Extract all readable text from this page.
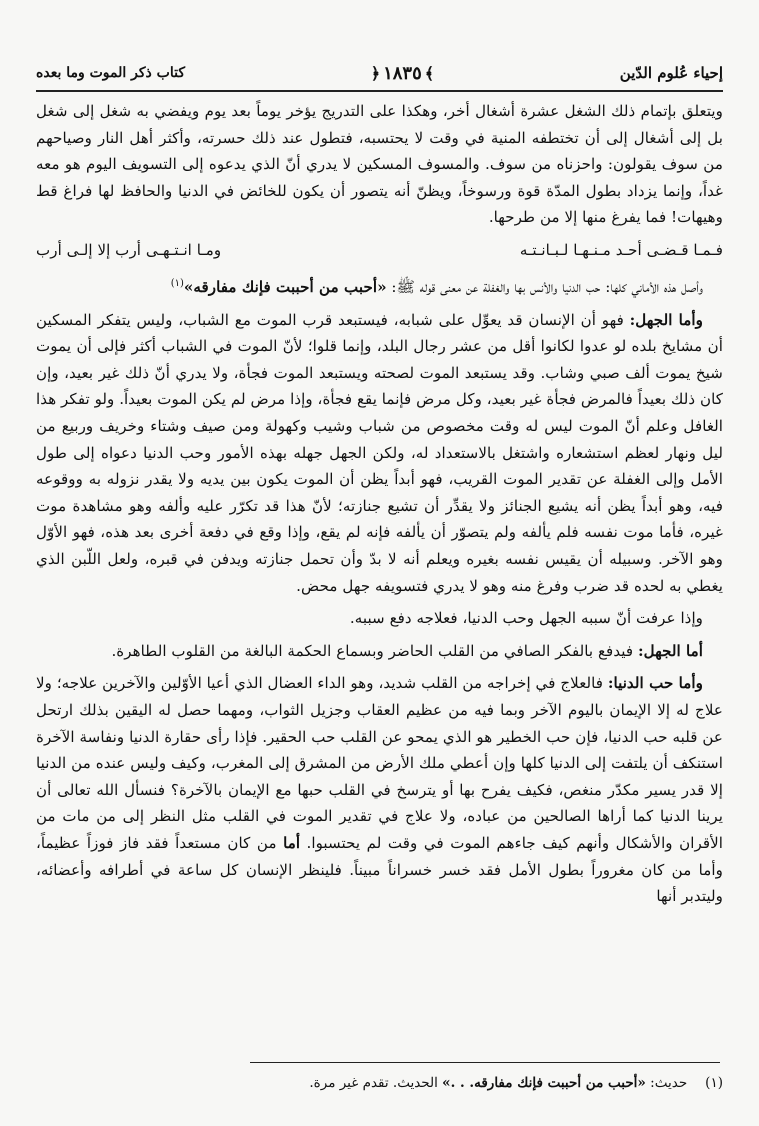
إحياء عُلوم الدّين
﴾١٨٣٥﴿
كتاب ذكر الموت وما بعده

ويتعلق بإتمام ذلك الشغل عشرة أشغال أخر، وهكذا على التدريج يؤخر يوماً بعد يوم ويفضي به شغل إلى شغل بل إلى أشغال إلى أن تختطفه المنية في وقت لا يحتسبه، فتطول عند ذلك حسرته، وأكثر أهل النار وصياحهم من سوف يقولون: واحزناه من سوف. والمسوف المسكين لا يدري أنّ الذي يدعوه إلى التسويف اليوم هو معه غداً، وإنما يزداد بطول المدّة قوة ورسوخاً، ويظنّ أنه يتصور أن يكون للخائض في الدنيا والحافظ لها فراغ قط وهيهات! فما يفرغ منها إلا من طرحها.

فـمـا قـضـى أحـد مـنـهـا لـبـانـتـه
ومـا انـتـهـى أرب إلا إلـى أرب

وأصل هذه الأماني كلها: حب الدنيا والأنس بها والغفلة عن معنى قوله ﷺ: «أحبب من أحببت فإنك مفارقه»$^{(١)}$

وأما الجهل: فهو أن الإنسان قد يعوِّل على شبابه، فيستبعد قرب الموت مع الشباب، وليس يتفكر المسكين أن مشايخ بلده لو عدوا لكانوا أقل من عشر رجال البلد، وإنما قلوا؛ لأنّ الموت في الشباب أكثر فإلى أن يموت شيخ يموت ألف صبي وشاب. وقد يستبعد الموت لصحته ويستبعد الموت فجأة، ولا يدري أنّ ذلك غير بعيد، وإن كان ذلك بعيداً فالمرض فجأة غير بعيد، وكل مرض فإنما يقع فجأة، وإذا مرض لم يكن الموت بعيداً. ولو تفكر هذا الغافل وعلم أنّ الموت ليس له وقت مخصوص من شباب وشيب وكهولة ومن صيف وشتاء وخريف وربيع من ليل ونهار لعظم استشعاره واشتغل بالاستعداد له، ولكن الجهل جهله بهذه الأمور وحب الدنيا دعواه إلى طول الأمل وإلى الغفلة عن تقدير الموت القريب، فهو أبداً يظن أن الموت يكون بين يديه ولا يقدر نزوله به ووقوعه فيه، وهو أبداً يظن أنه يشيع الجنائز ولا يقدِّر أن تشيع جنازته؛ لأنّ هذا قد تكرّر عليه وألفه وهو مشاهدة موت غيره، فأما موت نفسه فلم يألفه ولم يتصوّر أن يألفه فإنه لم يقع، وإذا وقع في دفعة أخرى بعد هذه، فهو الأوّل وهو الآخر. وسبيله أن يقيس نفسه بغيره ويعلم أنه لا بدّ وأن تحمل جنازته ويدفن في قبره، ولعل اللّبن الذي يغطي به لحده قد ضرب وفرغ منه وهو لا يدري فتسويفه جهل محض.

وإذا عرفت أنّ سببه الجهل وحب الدنيا، فعلاجه دفع سببه.

أما الجهل: فيدفع بالفكر الصافي من القلب الحاضر وبسماع الحكمة البالغة من القلوب الطاهرة.

وأما حب الدنيا: فالعلاج في إخراجه من القلب شديد، وهو الداء العضال الذي أعيا الأوّلين والآخرين علاجه؛ ولا علاج له إلا الإيمان باليوم الآخر وبما فيه من عظيم العقاب وجزيل الثواب، ومهما حصل له اليقين بذلك ارتحل عن قلبه حب الدنيا، فإن حب الخطير هو الذي يمحو عن القلب حب الحقير. فإذا رأى حقارة الدنيا ونفاسة الآخرة استنكف أن يلتفت إلى الدنيا كلها وإن أعطي ملك الأرض من المشرق إلى المغرب، وكيف وليس عنده من الدنيا إلا قدر يسير مكدّر منغص، فكيف يفرح بها أو يترسخ في القلب حبها مع الإيمان بالآخرة؟ فنسأل الله تعالى أن يرينا الدنيا كما أراها الصالحين من عباده، ولا علاج في تقدير الموت في القلب مثل النظر إلى من مات من الأقران والأشكال وأنهم كيف جاءهم الموت في وقت لم يحتسبوا. أما من كان مستعداً فقد فاز فوزاً عظيماً، وأما من كان مغروراً بطول الأمل فقد خسر خسراناً مبيناً. فلينظر الإنسان كل ساعة في أطرافه وأعضائه، وليتدبر أنها

(١)
حديث: «أحبب من أحببت فإنك مفارقه. . .» الحديث. تقدم غير مرة.
